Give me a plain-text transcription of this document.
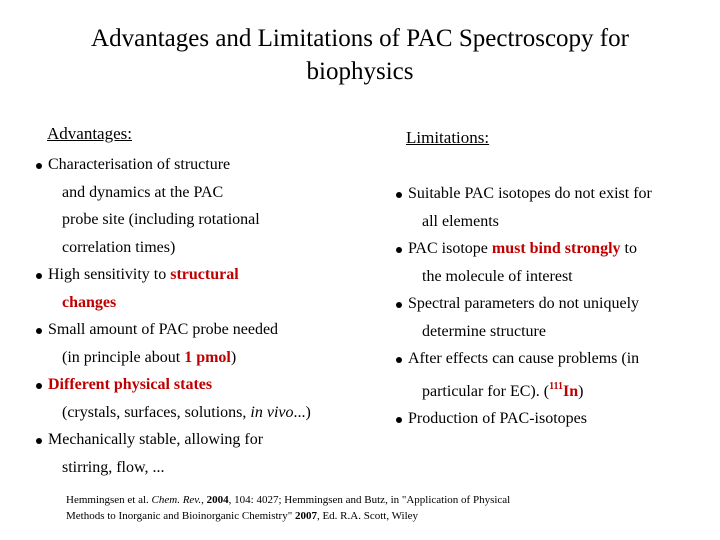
Advantages and Limitations of PAC Spectroscopy for
biophysics
Advantages:	Limitations:
Characterisation of structure
and dynamics at the PAC
probe site (including rotational
correlation times)
High sensitivity to structural
changes
Small amount of PAC probe needed
(in principle about 1 pmol)
Different physical states
(crystals, surfaces, solutions, in vivo...)
Mechanically stable, allowing for
stirring, flow, ...
Suitable PAC isotopes do not exist for
all elements
PAC isotope must bind strongly to
the molecule of interest
Spectral parameters do not uniquely
determine structure
After effects can cause problems (in
particular for EC). ($^{111}$In)
Production of PAC-isotopes
Hemmingsen et al. Chem. Rev., 2004, 104: 4027; Hemmingsen and Butz, in "Application of Physical
Methods to Inorganic and Bioinorganic Chemistry" 2007, Ed. R.A. Scott, Wiley
